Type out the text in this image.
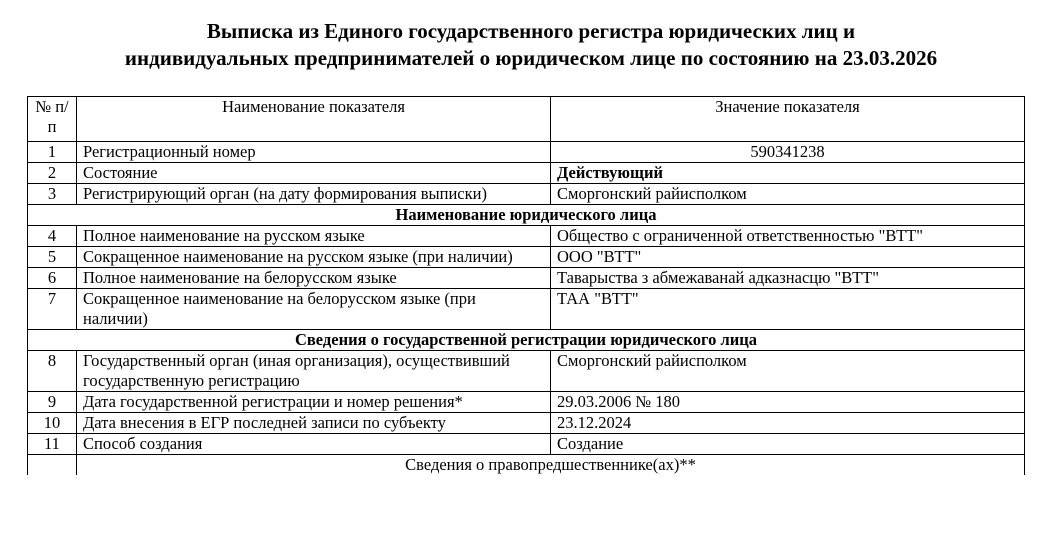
Выписка из Единого государственного регистра юридических лиц и
индивидуальных предпринимателей о юридическом лице по состоянию на 23.03.2026
№ п/п	Наименование показателя	Значение показателя
1	Регистрационный номер	590341238
2	Состояние	Действующий
3	Регистрирующий орган (на дату формирования выписки)	Сморгонский райисполком
Наименование юридического лица		
4	Полное наименование на русском языке	Общество с ограниченной ответственностью "ВТТ"
5	Сокращенное наименование на русском языке (при наличии)	ООО "ВТТ"
6	Полное наименование на белорусском языке	Таварыства з абмежаванай адказнасцю "ВТТ"
7	Сокращенное наименование на белорусском языке (при наличии)	ТАА "ВТТ"
Сведения о государственной регистрации юридического лица		
8	Государственный орган (иная организация), осуществивший государственную регистрацию	Сморгонский райисполком
9	Дата государственной регистрации и номер решения*	29.03.2006 № 180
10	Дата внесения в ЕГР последней записи по субъекту	23.12.2024
11	Способ создания	Создание
	Сведения о правопредшественнике(ах)**	
